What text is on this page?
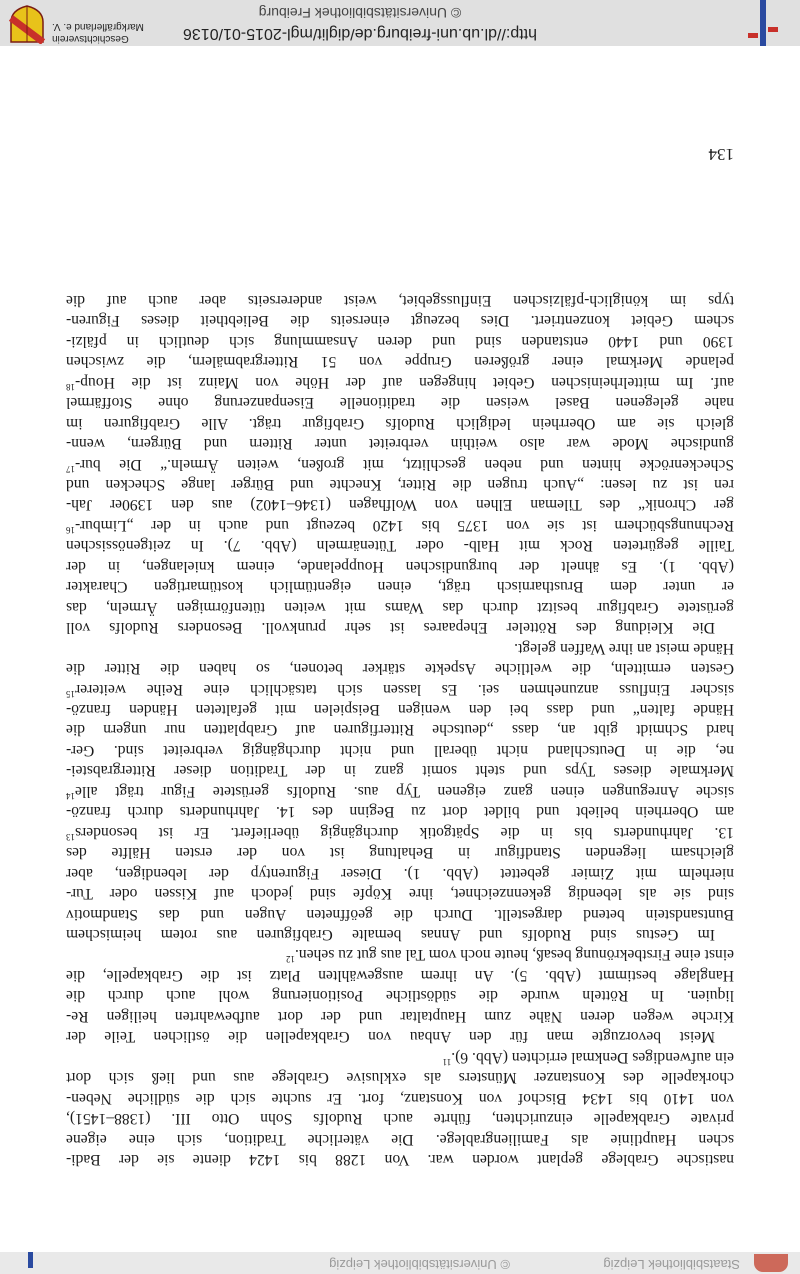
Staatsbibliothek Leipzig
© Universitätsbibliothek Leipzig
nastische Grablege geplant worden war. Von 1288 bis 1424 diente sie der Badi-
schen Hauptlinie als Familiengrablege. Die väterliche Tradition, sich eine eigene
private Grabkapelle einzurichten, führte auch Rudolfs Sohn Otto III. (1388–1451),
von 1410 bis 1434 Bischof von Konstanz, fort. Er suchte sich die südliche Neben-
chorkapelle des Konstanzer Münsters als exklusive Grablege aus und ließ sich dort
ein aufwendiges Denkmal errichten (Abb. 6).$^{11}$
Meist bevorzugte man für den Anbau von Grabkapellen die östlichen Teile der
Kirche wegen deren Nähe zum Hauptaltar und der dort aufbewahrten heiligen Re-
liquien. In Rötteln wurde die südöstliche Positionierung wohl auch durch die
Hanglage bestimmt (Abb. 5). An ihrem ausgewählten Platz ist die Grabkapelle, die
einst eine Firstbekrönung besaß, heute noch vom Tal aus gut zu sehen.$^{12}$
Im Gestus sind Rudolfs und Annas bemalte Grabfiguren aus rotem heimischem
Buntsandstein betend dargestellt. Durch die geöffneten Augen und das Standmotiv
sind sie als lebendig gekennzeichnet, ihre Köpfe sind jedoch auf Kissen oder Tur-
nierhelm mit Zimier gebettet (Abb. 1). Dieser Figurentyp der lebendigen, aber
gleichsam liegenden Standfigur in Behaltung ist von der ersten Hälfte des
13. Jahrhunderts bis in die Spätgotik durchgängig überliefert. Er ist besonders$^{13}$
am Oberrhein beliebt und bildet dort zu Beginn des 14. Jahrhunderts durch franzö-
sische Anregungen einen ganz eigenen Typ aus. Rudolfs gerüstete Figur trägt alle$^{14}$
Merkmale dieses Typs und steht somit ganz in der Tradition dieser Rittergrabstei-
ne, die in Deutschland nicht überall und nicht durchgängig verbreitet sind. Ger-
hard Schmidt gibt an, dass „deutsche Ritterfiguren auf Grabplatten nur ungern die
Hände falten“ und dass bei den wenigen Beispielen mit gefalteten Händen franzö-
sischer Einfluss anzunehmen sei. Es lassen sich tatsächlich eine Reihe weiterer$^{15}$
Gesten ermitteln, die weltliche Aspekte stärker betonen, so haben die Ritter die
Hände meist an ihre Waffen gelegt.
Die Kleidung des Rötteler Ehepaares ist sehr prunkvoll. Besonders Rudolfs voll
gerüstete Grabfigur besitzt durch das Wams mit weiten tütenförmigen Ärmeln, das
er unter dem Brustharnisch trägt, einen eigentümlich kostümartigen Charakter
(Abb. 1). Es ähnelt der burgundischen Houppelande, einem knielangen, in der
Taille gegürteten Rock mit Halb- oder Tütenärmeln (Abb. 7). In zeitgenössischen
Rechnungsbüchern ist sie von 1375 bis 1420 bezeugt und auch in der „Limbur-$^{16}$
ger Chronik“ des Tileman Elhen von Wolfhagen (1346–1402) aus den 1390er Jah-
ren ist zu lesen: „Auch trugen die Ritter, Knechte und Bürger lange Schecken und
Scheckenröcke hinten und neben geschlitzt, mit großen, weiten Ärmeln.“ Die bur-$^{17}$
gundische Mode war also weithin verbreitet unter Rittern und Bürgern, wenn-
gleich sie am Oberrhein lediglich Rudolfs Grabfigur trägt. Alle Grabfiguren im
nahe gelegenen Basel weisen die traditionelle Eisenpanzerung ohne Stoffärmel
auf. Im mittelrheinischen Gebiet hingegen auf der Höhe von Mainz ist die Houp-$^{18}$
pelande Merkmal einer größeren Gruppe von 51 Rittergrabmälern, die zwischen
1390 und 1440 entstanden sind und deren Ansammlung sich deutlich in pfälzi-
schem Gebiet konzentriert. Dies bezeugt einerseits die Beliebtheit dieses Figuren-
typs im königlich-pfälzischen Einflussgebiet, weist andererseits aber auch auf die
134
http://dl.ub.uni-freiburg.de/diglit/mgl-2015-01/0136
© Universitätsbibliothek Freiburg
Geschichtsverein
Markgräflerland e. V.
